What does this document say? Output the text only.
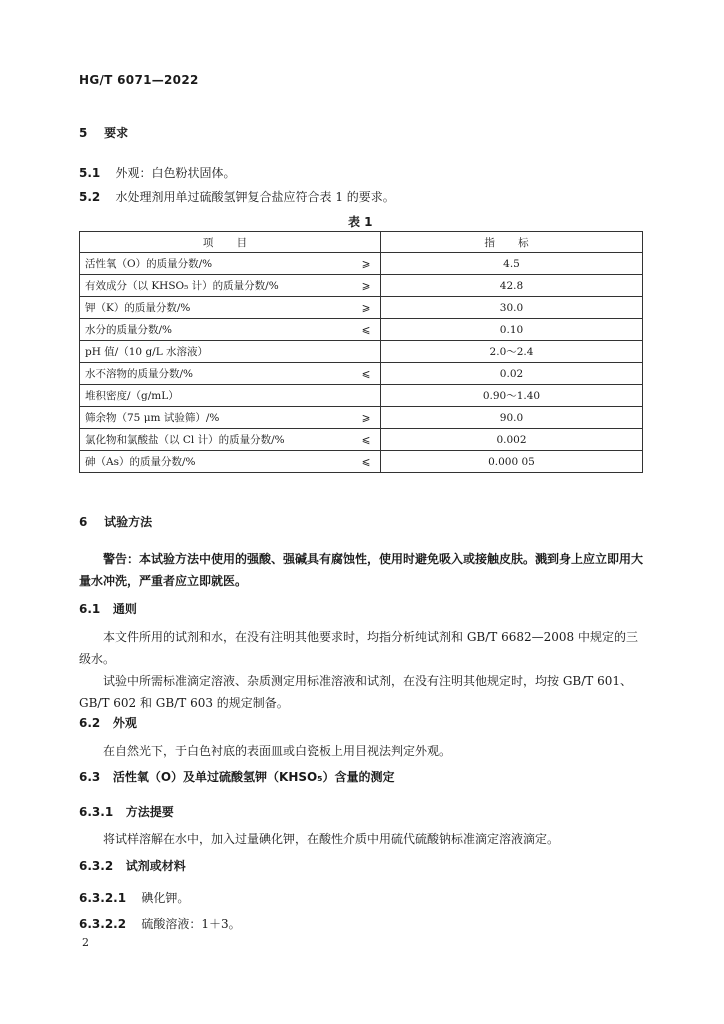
HG/T 6071—2022
5 要求
5.1 外观：白色粉状固体。
5.2 水处理剂用单过硫酸氢钾复合盐应符合表 1 的要求。
表 1
项 目		指 标
活性氧（O）的质量分数/%	⩾	4.5
有效成分（以 KHSO₅ 计）的质量分数/%	⩾	42.8
钾（K）的质量分数/%	⩾	30.0
水分的质量分数/%	⩽	0.10
pH 值/（10 g/L 水溶液）		2.0～2.4
水不溶物的质量分数/%	⩽	0.02
堆积密度/（g/mL）		0.90～1.40
筛余物（75 μm 试验筛）/%	⩾	90.0
氯化物和氯酸盐（以 Cl 计）的质量分数/%	⩽	0.002
砷（As）的质量分数/%	⩽	0.000 05
6 试验方法
警告：本试验方法中使用的强酸、强碱具有腐蚀性，使用时避免吸入或接触皮肤。溅到身上应立即用大量水冲洗，严重者应立即就医。
6.1 通则
本文件所用的试剂和水，在没有注明其他要求时，均指分析纯试剂和 GB/T 6682—2008 中规定的三级水。
试验中所需标准滴定溶液、杂质测定用标准溶液和试剂，在没有注明其他规定时，均按 GB/T 601、GB/T 602 和 GB/T 603 的规定制备。
6.2 外观
在自然光下，于白色衬底的表面皿或白瓷板上用目视法判定外观。
6.3 活性氧（O）及单过硫酸氢钾（KHSO₅）含量的测定
6.3.1 方法提要
将试样溶解在水中，加入过量碘化钾，在酸性介质中用硫代硫酸钠标准滴定溶液滴定。
6.3.2 试剂或材料
6.3.2.1 碘化钾。
6.3.2.2 硫酸溶液：1＋3。
2
